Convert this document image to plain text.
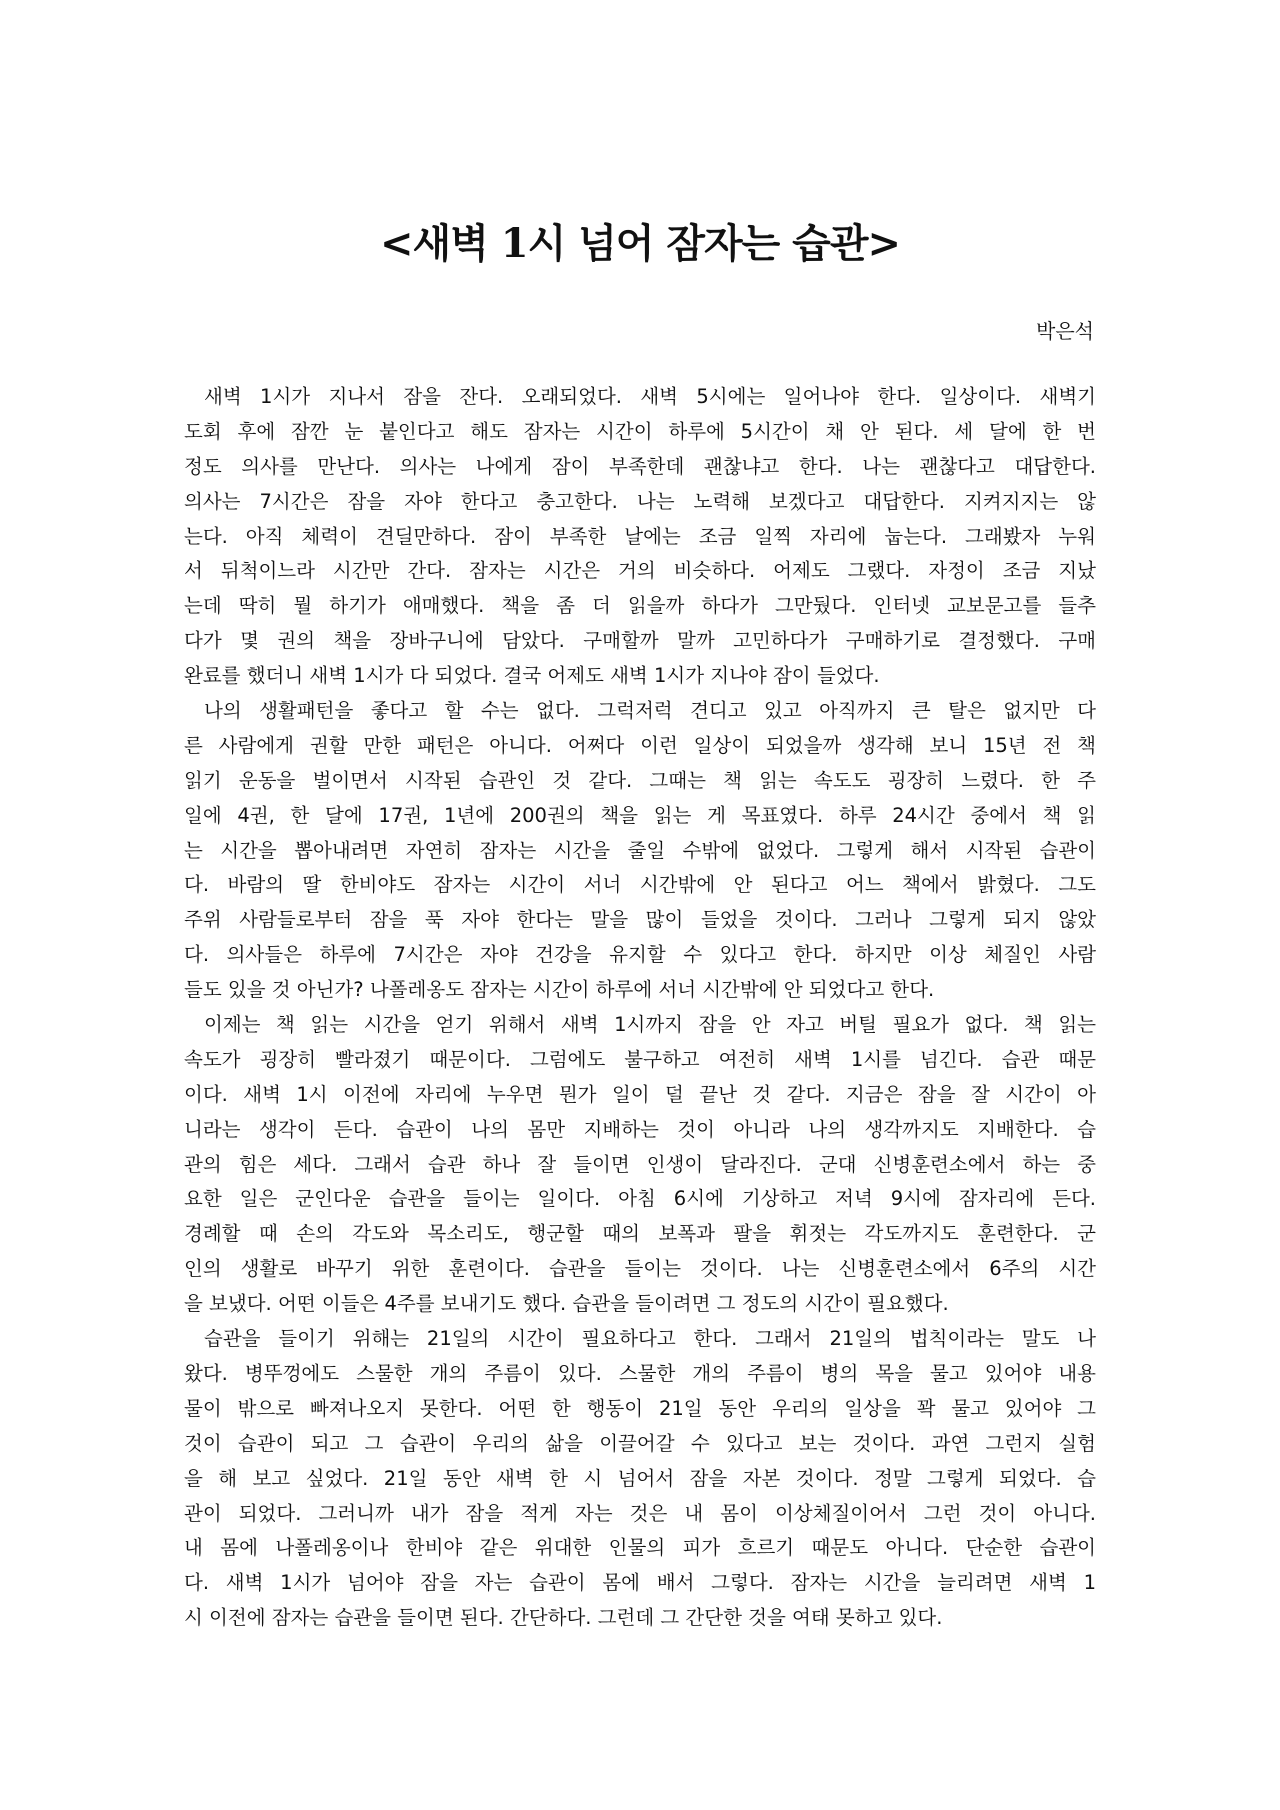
<새벽 1시 넘어 잠자는 습관>
박은석
새벽 1시가 지나서 잠을 잔다. 오래되었다. 새벽 5시에는 일어나야 한다. 일상이다. 새벽기
도회 후에 잠깐 눈 붙인다고 해도 잠자는 시간이 하루에 5시간이 채 안 된다. 세 달에 한 번
정도 의사를 만난다. 의사는 나에게 잠이 부족한데 괜찮냐고 한다. 나는 괜찮다고 대답한다.
의사는 7시간은 잠을 자야 한다고 충고한다. 나는 노력해 보겠다고 대답한다. 지켜지지는 않
는다. 아직 체력이 견딜만하다. 잠이 부족한 날에는 조금 일찍 자리에 눕는다. 그래봤자 누워
서 뒤척이느라 시간만 간다. 잠자는 시간은 거의 비슷하다. 어제도 그랬다. 자정이 조금 지났
는데 딱히 뭘 하기가 애매했다. 책을 좀 더 읽을까 하다가 그만뒀다. 인터넷 교보문고를 들추
다가 몇 권의 책을 장바구니에 담았다. 구매할까 말까 고민하다가 구매하기로 결정했다. 구매
완료를 했더니 새벽 1시가 다 되었다. 결국 어제도 새벽 1시가 지나야 잠이 들었다.
나의 생활패턴을 좋다고 할 수는 없다. 그럭저럭 견디고 있고 아직까지 큰 탈은 없지만 다
른 사람에게 권할 만한 패턴은 아니다. 어쩌다 이런 일상이 되었을까 생각해 보니 15년 전 책
읽기 운동을 벌이면서 시작된 습관인 것 같다. 그때는 책 읽는 속도도 굉장히 느렸다. 한 주
일에 4권, 한 달에 17권, 1년에 200권의 책을 읽는 게 목표였다. 하루 24시간 중에서 책 읽
는 시간을 뽑아내려면 자연히 잠자는 시간을 줄일 수밖에 없었다. 그렇게 해서 시작된 습관이
다. 바람의 딸 한비야도 잠자는 시간이 서너 시간밖에 안 된다고 어느 책에서 밝혔다. 그도
주위 사람들로부터 잠을 푹 자야 한다는 말을 많이 들었을 것이다. 그러나 그렇게 되지 않았
다. 의사들은 하루에 7시간은 자야 건강을 유지할 수 있다고 한다. 하지만 이상 체질인 사람
들도 있을 것 아닌가? 나폴레옹도 잠자는 시간이 하루에 서너 시간밖에 안 되었다고 한다.
이제는 책 읽는 시간을 얻기 위해서 새벽 1시까지 잠을 안 자고 버틸 필요가 없다. 책 읽는
속도가 굉장히 빨라졌기 때문이다. 그럼에도 불구하고 여전히 새벽 1시를 넘긴다. 습관 때문
이다. 새벽 1시 이전에 자리에 누우면 뭔가 일이 덜 끝난 것 같다. 지금은 잠을 잘 시간이 아
니라는 생각이 든다. 습관이 나의 몸만 지배하는 것이 아니라 나의 생각까지도 지배한다. 습
관의 힘은 세다. 그래서 습관 하나 잘 들이면 인생이 달라진다. 군대 신병훈련소에서 하는 중
요한 일은 군인다운 습관을 들이는 일이다. 아침 6시에 기상하고 저녁 9시에 잠자리에 든다.
경례할 때 손의 각도와 목소리도, 행군할 때의 보폭과 팔을 휘젓는 각도까지도 훈련한다. 군
인의 생활로 바꾸기 위한 훈련이다. 습관을 들이는 것이다. 나는 신병훈련소에서 6주의 시간
을 보냈다. 어떤 이들은 4주를 보내기도 했다. 습관을 들이려면 그 정도의 시간이 필요했다.
습관을 들이기 위해는 21일의 시간이 필요하다고 한다. 그래서 21일의 법칙이라는 말도 나
왔다. 병뚜껑에도 스물한 개의 주름이 있다. 스물한 개의 주름이 병의 목을 물고 있어야 내용
물이 밖으로 빠져나오지 못한다. 어떤 한 행동이 21일 동안 우리의 일상을 꽉 물고 있어야 그
것이 습관이 되고 그 습관이 우리의 삶을 이끌어갈 수 있다고 보는 것이다. 과연 그런지 실험
을 해 보고 싶었다. 21일 동안 새벽 한 시 넘어서 잠을 자본 것이다. 정말 그렇게 되었다. 습
관이 되었다. 그러니까 내가 잠을 적게 자는 것은 내 몸이 이상체질이어서 그런 것이 아니다.
내 몸에 나폴레옹이나 한비야 같은 위대한 인물의 피가 흐르기 때문도 아니다. 단순한 습관이
다. 새벽 1시가 넘어야 잠을 자는 습관이 몸에 배서 그렇다. 잠자는 시간을 늘리려면 새벽 1
시 이전에 잠자는 습관을 들이면 된다. 간단하다. 그런데 그 간단한 것을 여태 못하고 있다.
